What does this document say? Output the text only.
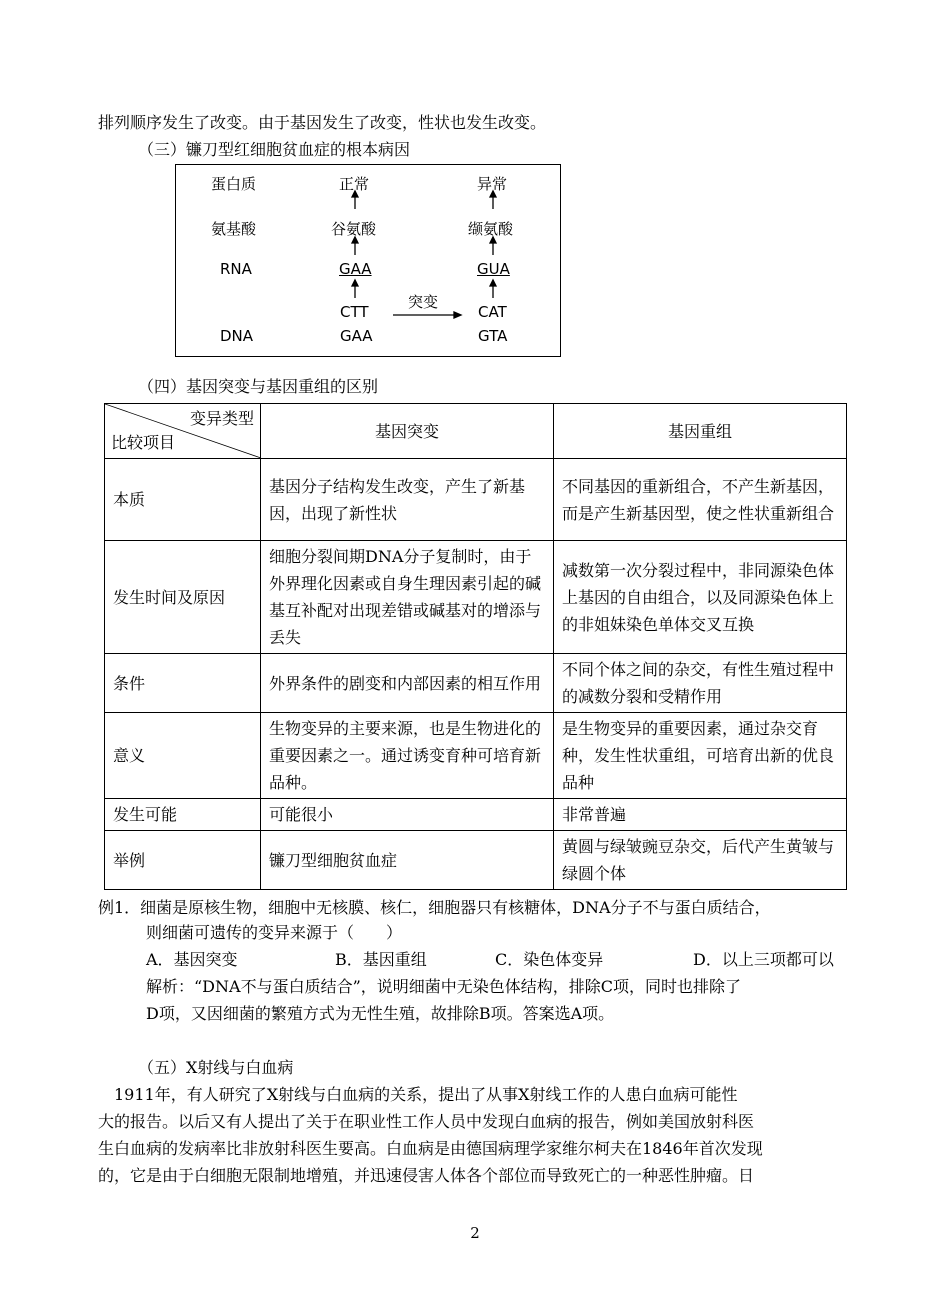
排列顺序发生了改变。由于基因发生了改变，性状也发生改变。
（三）镰刀型红细胞贫血症的根本病因
蛋白质
氨基酸
RNA
DNA
正常
谷氨酸
GAA
CTT
GAA
异常
缬氨酸
GUA
CAT
GTA
突变
（四）基因突变与基因重组的区别
变异类型
比较项目	基因突变	基因重组
本质	基因分子结构发生改变，产生了新基因，出现了新性状	不同基因的重新组合，不产生新基因，而是产生新基因型，使之性状重新组合
发生时间及原因	细胞分裂间期DNA分子复制时，由于外界理化因素或自身生理因素引起的碱基互补配对出现差错或碱基对的增添与丢失	减数第一次分裂过程中，非同源染色体上基因的自由组合，以及同源染色体上的非姐妹染色单体交叉互换
条件	外界条件的剧变和内部因素的相互作用	不同个体之间的杂交，有性生殖过程中的减数分裂和受精作用
意义	生物变异的主要来源，也是生物进化的重要因素之一。通过诱变育种可培育新品种。	是生物变异的重要因素，通过杂交育种，发生性状重组，可培育出新的优良品种
发生可能	可能很小	非常普遍
举例	镰刀型细胞贫血症	黄圆与绿皱豌豆杂交，后代产生黄皱与绿圆个体
例1．细菌是原核生物，细胞中无核膜、核仁，细胞器只有核糖体，DNA分子不与蛋白质结合，
则细菌可遗传的变异来源于（　　）
A．基因突变	B．基因重组	C．染色体变异	D．以上三项都可以
解析：“DNA不与蛋白质结合”，说明细菌中无染色体结构，排除C项，同时也排除了
D项，又因细菌的繁殖方式为无性生殖，故排除B项。答案选A项。
（五）X射线与白血病
　1911年，有人研究了X射线与白血病的关系，提出了从事X射线工作的人患白血病可能性
大的报告。以后又有人提出了关于在职业性工作人员中发现白血病的报告，例如美国放射科医
生白血病的发病率比非放射科医生要高。白血病是由德国病理学家维尔柯夫在1846年首次发现
的，它是由于白细胞无限制地增殖，并迅速侵害人体各个部位而导致死亡的一种恶性肿瘤。日
2
